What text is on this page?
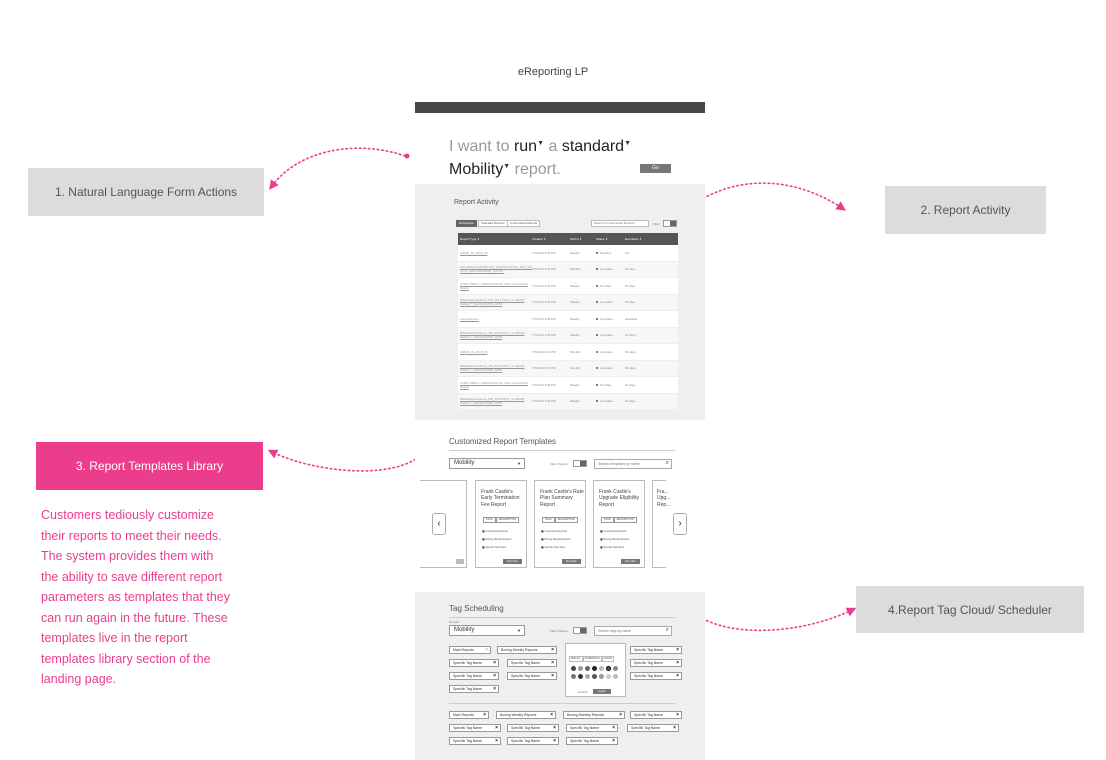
eReporting LP
1. Natural Language Form Actions
2. Report Activity
3. Report Templates Library
4.Report Tag Cloud/ Scheduler
Customers tediously customize
their reports to meet their needs.
The system provides them with
the ability to save different report
parameters as templates that they
can run again in the future. These
templates live in the report
templates library section of the
landing page.
I want to run▼ a standard▼
Mobility▼ report.	Go
Report Activity
All Reports	Standard Reports	Customized Reports	Search for Requested Reports	Filter
Report Type ⇕	Created ⇕	Sched ⇕	Status ⇕	Expiration ⇕
1MMM_01_2015_06	7/7/2014 2:36 PM	Weekly	Pending	n/a
SchedReportsandMonthly_FRANKCASTLE_2014_06-19 v1_SH4-A23451232_3rdYW...	7/7/2014 2:36 PM	Monthly	Complete	30 days
1CRO TRBAU_FRANKCASTLE_2014 Customized Report	7/7/2014 2:36 PM	Weekly	No Data	30 days
BillableWirelessUsa_AW_2014 06-07_v1-Wk3W Partial_7_SHA32312545_AWW	7/7/2014 2:36 PM	Weekly	Complete	30 days
Large Reports	7/7/2014 2:36 PM	Weekly	Complete	Available
BillableWirelessUsa_AW_2014 06-07_v1-Wk3W Partial_7_SHA32312545_AWW	7/7/2014 2:36 PM	Weekly	Complete	30 days
1MMM_01_2015_06	7/7/2014 2:36 PM	Monthly	Complete	30 days
BillableWirelessUsa_AW_2014 06-07_v1-Wk3W Partial_7_SHA32312545_AWW	7/7/2014 2:36 PM	Monthly	Complete	30 days
1CRO TRBAU_FRANKCASTLE_2014 Customized Report	7/7/2014 2:36 PM	Weekly	No Data	30 days
BillableWirelessUsa_AW_2014 06-07_v1-Wk3W Partial_7_SHA32312545_AWW	7/7/2014 2:36 PM	Weekly	Complete	30 days
Customized Report Templates
Mobility	▼	Filter Options	Search templates by name	⌕
Frank Castle's Early Termination Fee Report
TAGS	DESCRIPTION
⬤ Customized Reports
⬤ Boxing Weekly Reports
⬤ Specific Tag Name
Run Now
Frank Castle's Rate Plan Summary Report
TAGS	DESCRIPTION
⬤ Customized Reports
⬤ Boxing Weekly Reports
⬤ Specific Tag Name
Run Now
Frank Castle's Upgrade Eligibility Report
TAGS	DESCRIPTION
⬤ Customized Reports
⬤ Boxing Weekly Reports
⬤ Specific Tag Name
Run Now
Fra... Upg... Rep...
‹	›
Tag Scheduling
Domain
Mobility	▼	Filter Options	Search tags by name	⌕
Main Reports ×	Boxing Weekly Reports	×	Specific Tag Name	×
Specific Tag Name ×	Specific Tag Name ×	Specific Tag Name	×
Specific Tag Name ×	Specific Tag Name ×	Specific Tag Name	×
Specific Tag Name ×
RUN ALL	SCHEDULING	COLOR
Cancel	Apply
Main Reports ×	Boxing Weekly Reports	×	Boxing Monthly Reports	×	Specific Tag Name	×
Specific Tag Name	×	Specific Tag Name	×	Specific Tag Name	×	Specific Tag Name	×
Specific Tag Name	×	Specific Tag Name	×	Specific Tag Name	×
